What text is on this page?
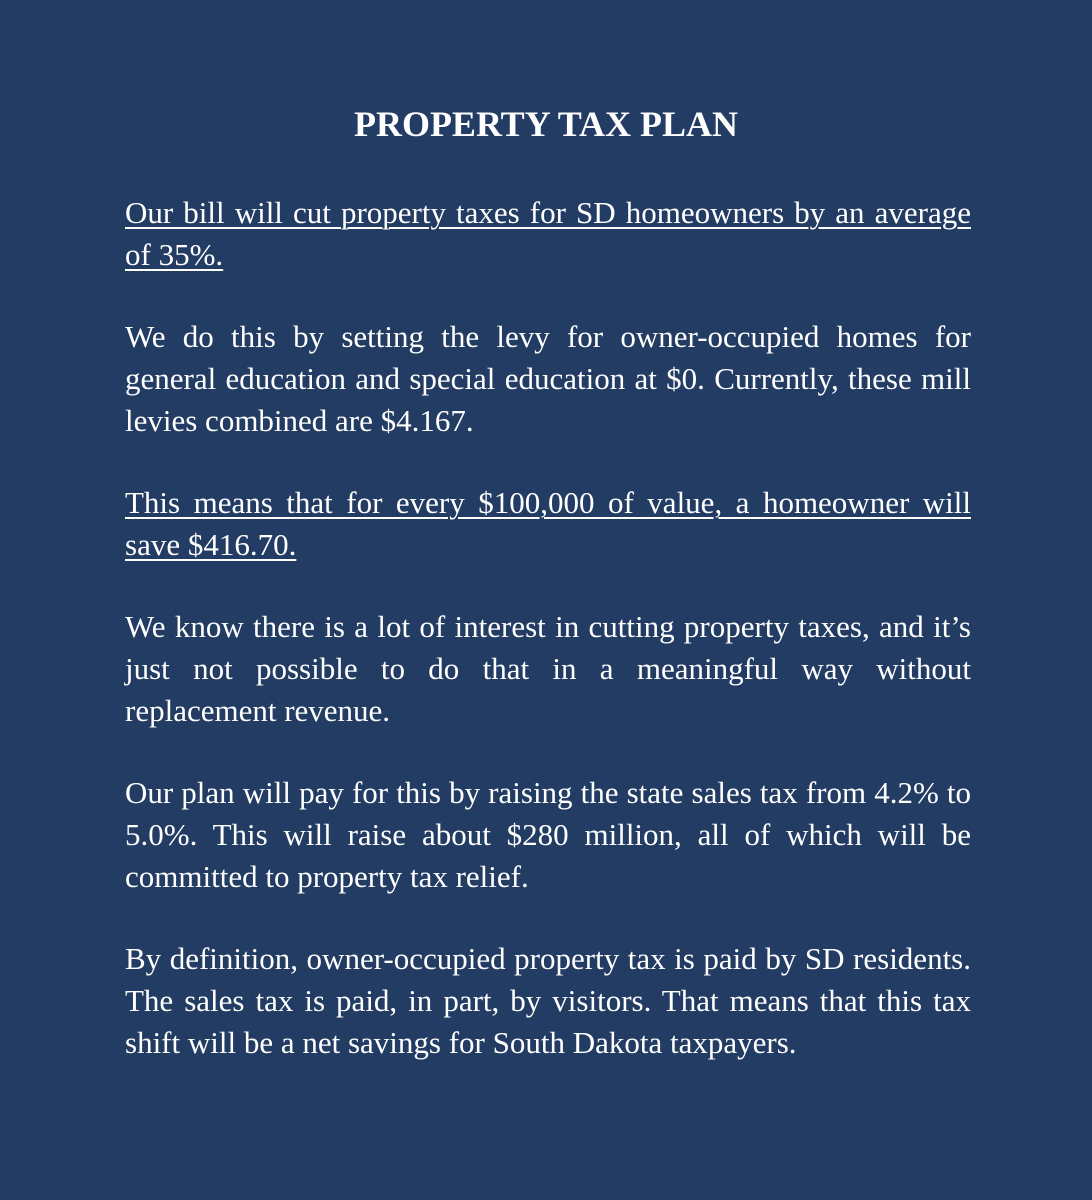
PROPERTY TAX PLAN

Our bill will cut property taxes for SD homeowners by an average of 35%.

We do this by setting the levy for owner-occupied homes for general education and special education at $0. Currently, these mill levies combined are $4.167.

This means that for every $100,000 of value, a homeowner will save $416.70.

We know there is a lot of interest in cutting property taxes, and it’s just not possible to do that in a meaningful way without replacement revenue.

Our plan will pay for this by raising the state sales tax from 4.2% to 5.0%. This will raise about $280 million, all of which will be committed to property tax relief.

By definition, owner-occupied property tax is paid by SD residents. The sales tax is paid, in part, by visitors. That means that this tax shift will be a net savings for South Dakota taxpayers.
